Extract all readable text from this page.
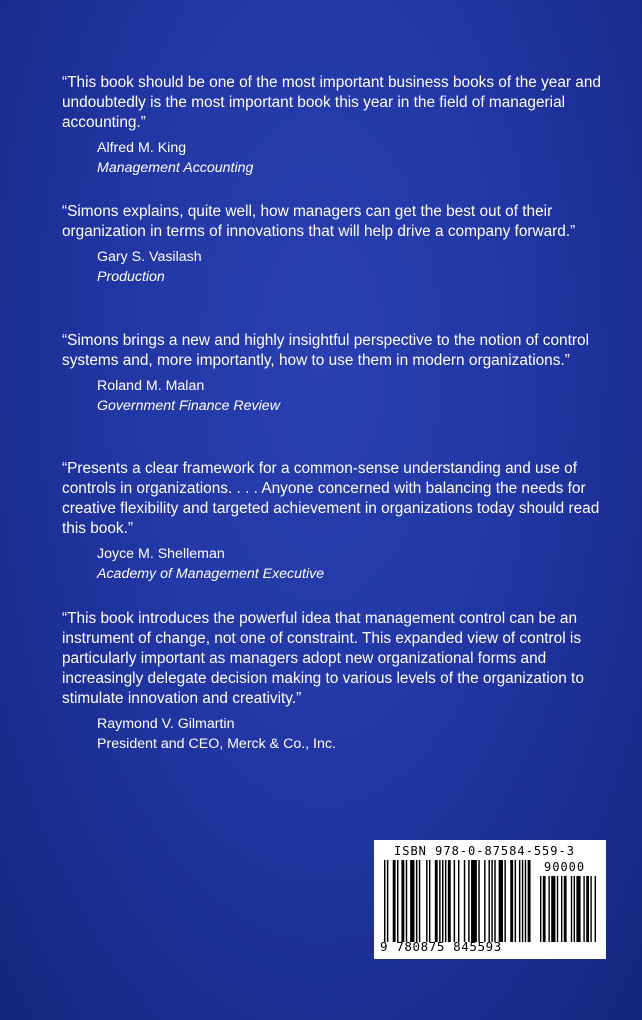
“This book should be one of the most important business books of the year and undoubtedly is the most important book this year in the field of managerial accounting.”

Alfred M. King
Management Accounting

“Simons explains, quite well, how managers can get the best out of their organization in terms of innovations that will help drive a company forward.”

Gary S. Vasilash
Production

“Simons brings a new and highly insightful perspective to the notion of control systems and, more importantly, how to use them in modern organizations.”

Roland M. Malan
Government Finance Review

“Presents a clear framework for a common-sense understanding and use of controls in organizations. . . . Anyone concerned with balancing the needs for creative flexibility and targeted achievement in organizations today should read this book.”

Joyce M. Shelleman
Academy of Management Executive

“This book introduces the powerful idea that management control can be an instrument of change, not one of constraint. This expanded view of control is particularly important as managers adopt new organizational forms and increasingly delegate decision making to various levels of the organization to stimulate innovation and creativity.”

Raymond V. Gilmartin
President and CEO, Merck & Co., Inc.
ISBN 978-0-87584-559-3
90000
9 780875 845593
